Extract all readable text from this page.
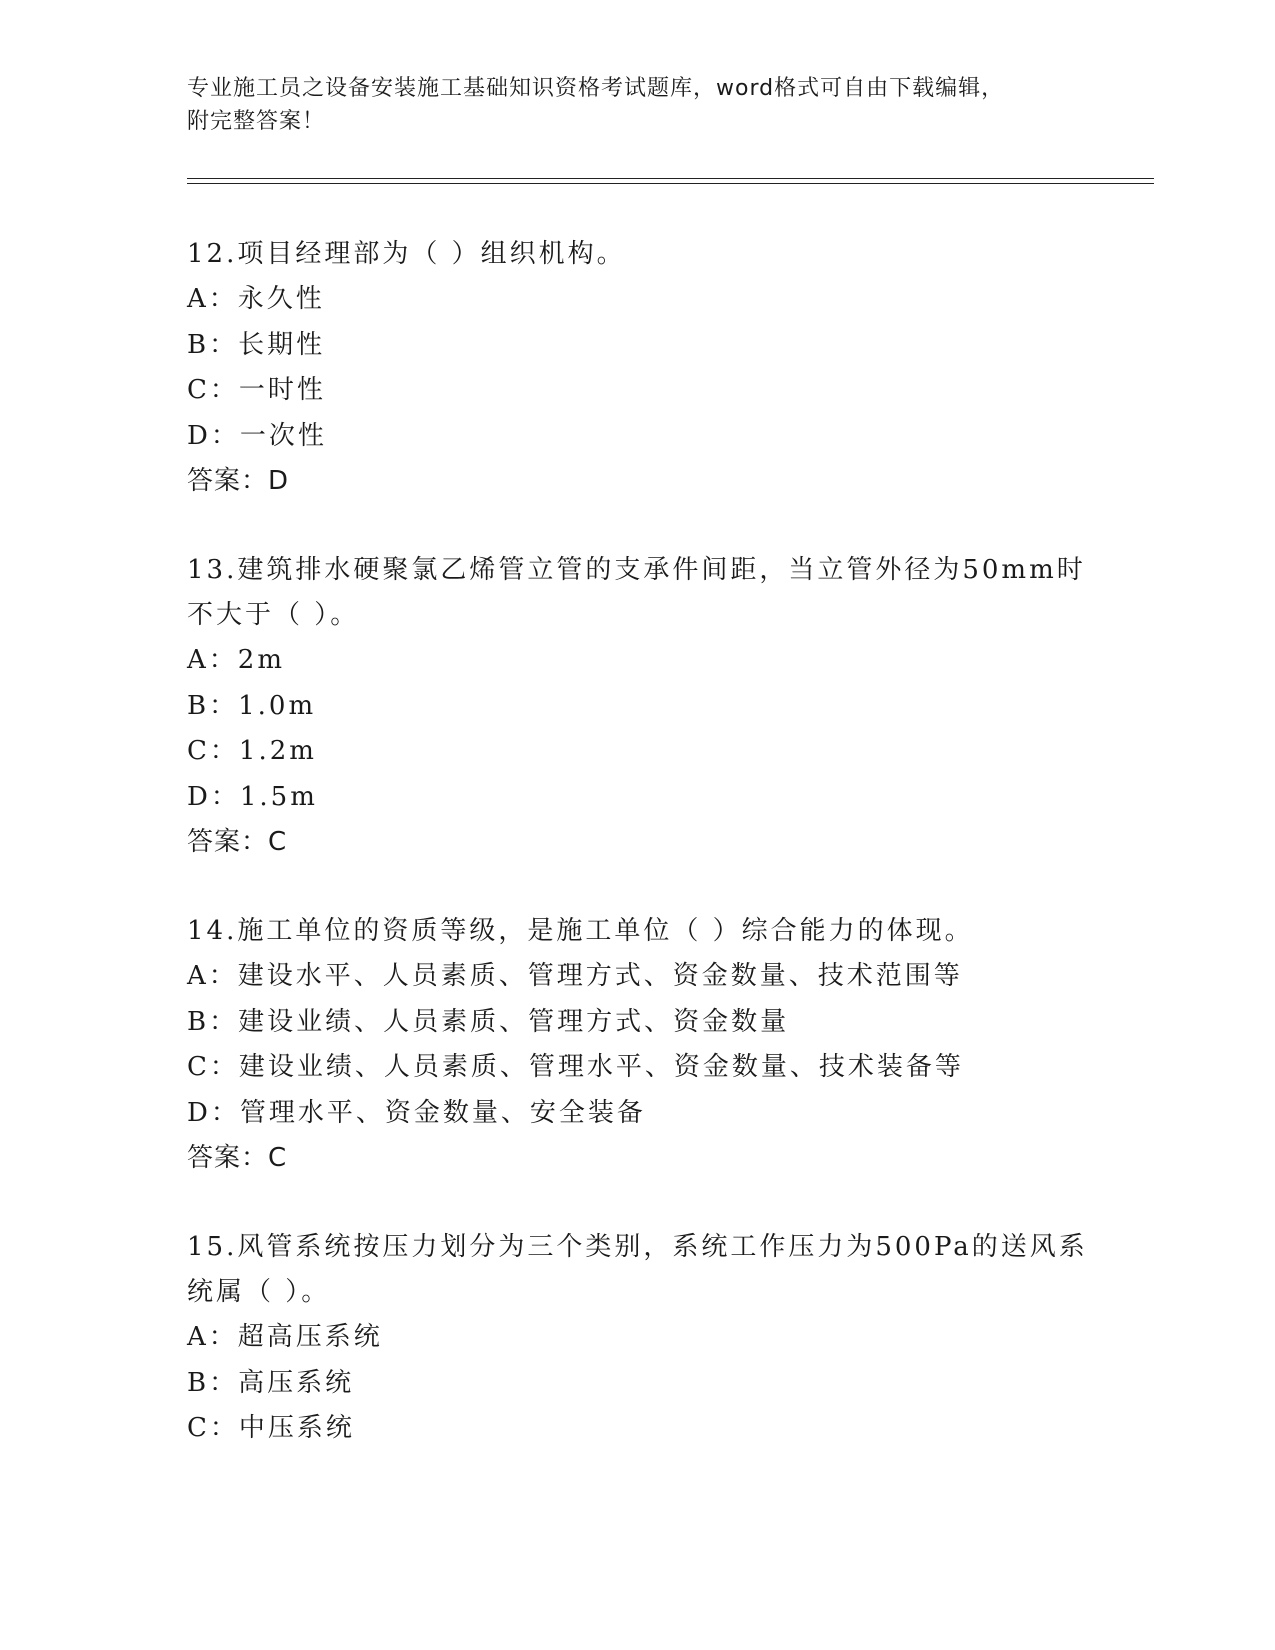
专业施工员之设备安装施工基础知识资格考试题库，word格式可自由下载编辑，
附完整答案！
12.项目经理部为（ ）组织机构。
A：永久性
B：长期性
C：一时性
D：一次性
答案：D
13.建筑排水硬聚氯乙烯管立管的支承件间距，当立管外径为50mm时
不大于（ ）。
A：2m
B：1.0m
C：1.2m
D：1.5m
答案：C
14.施工单位的资质等级，是施工单位（ ）综合能力的体现。
A：建设水平、人员素质、管理方式、资金数量、技术范围等
B：建设业绩、人员素质、管理方式、资金数量
C：建设业绩、人员素质、管理水平、资金数量、技术装备等
D：管理水平、资金数量、安全装备
答案：C
15.风管系统按压力划分为三个类别，系统工作压力为500Pa的送风系
统属（ ）。
A：超高压系统
B：高压系统
C：中压系统
